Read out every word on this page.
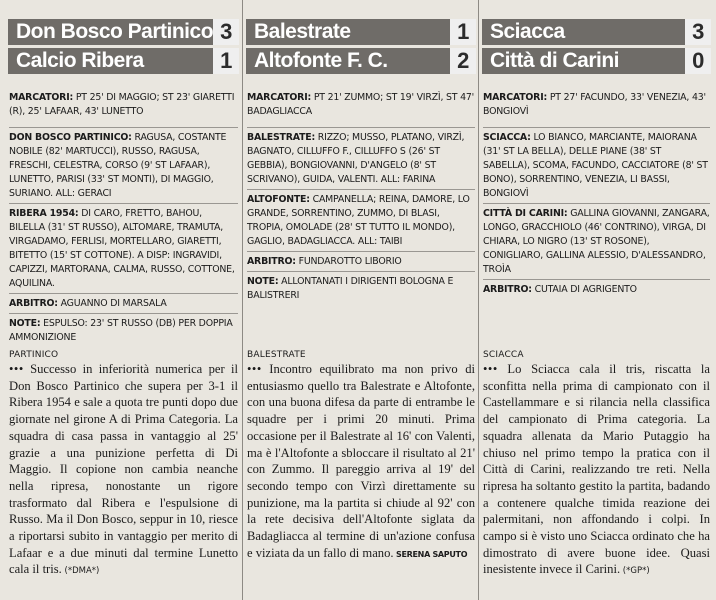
Don Bosco Partinico 3
Calcio Ribera	1

MARCATORI: PT 25' DI MAGGIO; ST 23' GIARETTI (R), 25' LAFAAR, 43' LUNETTO

DON BOSCO PARTINICO: RAGUSA, COSTANTE NOBILE (82' MARTUCCI), RUSSO, RAGUSA, FRESCHI, CELESTRA, CORSO (9' ST LAFAAR), LUNETTO, PARISI (33' ST MONTI), DI MAGGIO, SURIANO. ALL: GERACI

RIBERA 1954: DI CARO, FRETTO, BAHOU, BILELLA (31' ST RUSSO), ALTOMARE, TRAMUTA, VIRGADAMO, FERLISI, MORTELLARO, GIARETTI, BITETTO (15' ST COTTONE). A DISP: INGRAVIDI, CAPIZZI, MARTORANA, CALMA, RUSSO, COTTONE, AQUILINA.

ARBITRO: AGUANNO DI MARSALA

NOTE: ESPULSO: 23' ST RUSSO (DB) PER DOPPIA AMMONIZIONE

PARTINICO
••• Successo in inferiorità numerica per il Don Bosco Partinico che supera per 3-1 il Ribera 1954 e sale a quota tre punti dopo due giornate nel girone A di Prima Categoria. La squadra di casa passa in vantaggio al 25' grazie a una punizione perfetta di Di Maggio. Il copione non cambia neanche nella ripresa, nonostante un rigore trasformato dal Ribera e l'espulsione di Russo. Ma il Don Bosco, seppur in 10, riesce a riportarsi subito in vantaggio per merito di Lafaar e a due minuti dal termine Lunetto cala il tris. (*DMA*)
Balestrate	1
Altofonte F. C.	2

MARCATORI: PT 21' ZUMMO; ST 19' VIRZÌ, ST 47' BADAGLIACCA

BALESTRATE: RIZZO; MUSSO, PLATANO, VIRZÌ, BAGNATO, CILLUFFO F., CILLUFFO S (26' ST GEBBIA), BONGIOVANNI, D'ANGELO (8' ST SCRIVANO), GUIDA, VALENTI. ALL: FARINA

ALTOFONTE: CAMPANELLA; REINA, DAMORE, LO GRANDE, SORRENTINO, ZUMMO, DI BLASI, TROPIA, OMOLADE (28' ST TUTTO IL MONDO), GAGLIO, BADAGLIACCA. ALL: TAIBI

ARBITRO: FUNDAROTTO LIBORIO

NOTE: ALLONTANATI I DIRIGENTI BOLOGNA E BALISTRERI

BALESTRATE
••• Incontro equilibrato ma non privo di entusiasmo quello tra Balestrate e Altofonte, con una buona difesa da parte di entrambe le squadre per i primi 20 minuti. Prima occasione per il Balestrate al 16' con Valenti, ma è l'Altofonte a sbloccare il risultato al 21' con Zummo. Il pareggio arriva al 19' del secondo tempo con Virzì direttamente su punizione, ma la partita si chiude al 92' con la rete decisiva dell'Altofonte siglata da Badagliacca al termine di un'azione confusa e viziata da un fallo di mano. SERENA SAPUTO
Sciacca	3
Città di Carini	0

MARCATORI: PT 27' FACUNDO, 33' VENEZIA, 43' BONGIOVÌ

SCIACCA: LO BIANCO, MARCIANTE, MAIORANA (31' ST LA BELLA), DELLE PIANE (38' ST SABELLA), SCOMA, FACUNDO, CACCIATORE (8' ST BONO), SORRENTINO, VENEZIA, LI BASSI, BONGIOVÌ

CITTÀ DI CARINI: GALLINA GIOVANNI, ZANGARA, LONGO, GRACCHIOLO (46' CONTRINO), VIRGA, DI CHIARA, LO NIGRO (13' ST ROSONE), CONIGLIARO, GALLINA ALESSIO, D'ALESSANDRO, TROÌA

ARBITRO: CUTAIA DI AGRIGENTO

SCIACCA
••• Lo Sciacca cala il tris, riscatta la sconfitta nella prima di campionato con il Castellammare e si rilancia nella classifica del campionato di Prima categoria. La squadra allenata da Mario Putaggio ha chiuso nel primo tempo la pratica con il Città di Carini, realizzando tre reti. Nella ripresa ha soltanto gestito la partita, badando a contenere qualche timida reazione dei palermitani, non affondando i colpi. In campo si è visto uno Sciacca ordinato che ha dimostrato di avere buone idee. Quasi inesistente invece il Carini. (*GP*)
